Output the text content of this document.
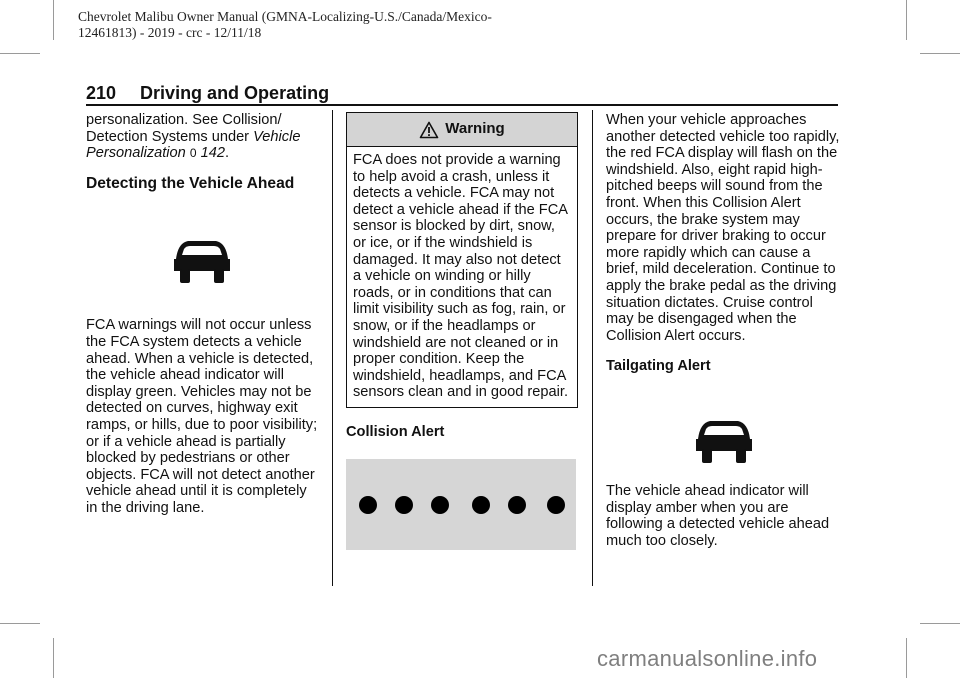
Chevrolet Malibu Owner Manual (GMNA-Localizing-U.S./Canada/Mexico-
12461813) - 2019 - crc - 12/11/18
210 Driving and Operating

personalization. See Collision/ Detection Systems under Vehicle Personalization 0 142.

Detecting the Vehicle Ahead

FCA warnings will not occur unless the FCA system detects a vehicle ahead. When a vehicle is detected, the vehicle ahead indicator will display green. Vehicles may not be detected on curves, highway exit ramps, or hills, due to poor visibility; or if a vehicle ahead is partially blocked by pedestrians or other objects. FCA will not detect another vehicle ahead until it is completely in the driving lane.

Warning
FCA does not provide a warning to help avoid a crash, unless it detects a vehicle. FCA may not detect a vehicle ahead if the FCA sensor is blocked by dirt, snow, or ice, or if the windshield is damaged. It may also not detect a vehicle on winding or hilly roads, or in conditions that can limit visibility such as fog, rain, or snow, or if the headlamps or windshield are not cleaned or in proper condition. Keep the windshield, headlamps, and FCA sensors clean and in good repair.
Collision Alert

When your vehicle approaches another detected vehicle too rapidly, the red FCA display will flash on the windshield. Also, eight rapid high-pitched beeps will sound from the front. When this Collision Alert occurs, the brake system may prepare for driver braking to occur more rapidly which can cause a brief, mild deceleration. Continue to apply the brake pedal as the driving situation dictates. Cruise control may be disengaged when the Collision Alert occurs.

Tailgating Alert

The vehicle ahead indicator will display amber when you are following a detected vehicle ahead much too closely.

carmanualsonline.info
